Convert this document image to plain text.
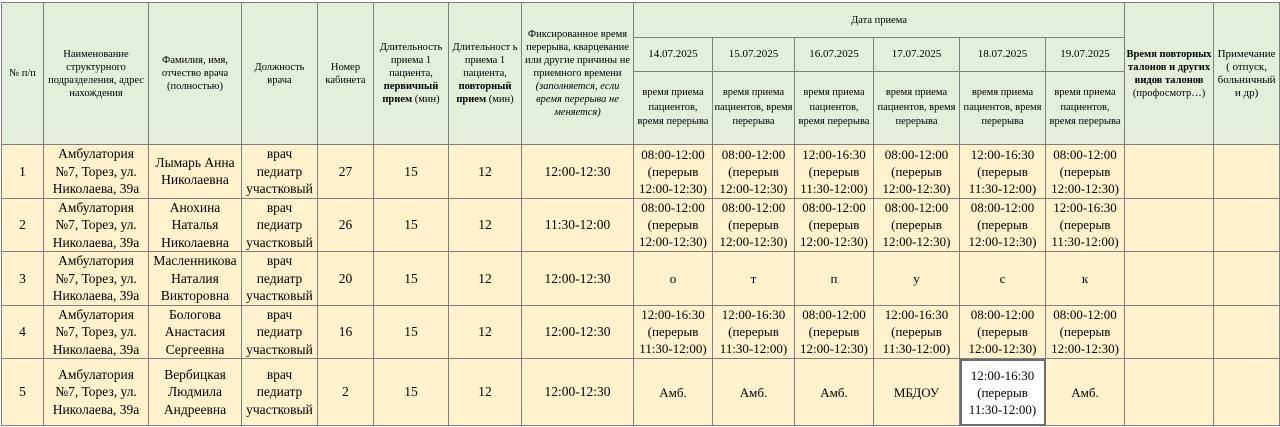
№ п/п	Наименование структурного подразделения, адрес нахождения	Фамилия, имя, отчество врача (полностью)	Должность врача	Номер кабинета	Длительность приема 1 пациента, первичный прием (мин)	Длительност ь приема 1 пациента, повторный прием (мин)	Фиксированное время перерыва, кварцевание или другие причины не приемного времени (заполняется, если время перерыва не меняется)	Дата приема						Время повторных талонов и других видов талонов (профосмотр…)	Примечание ( отпуск, больничный и др)
								14.07.2025	15.07.2025	16.07.2025	17.07.2025	18.07.2025	19.07.2025		
								время приема пациентов, время перерыва	время приема пациентов, время перерыва	время приема пациентов, время перерыва	время приема пациентов, время перерыва	время приема пациентов, время перерыва	время приема пациентов, время перерыва		
1	Амбулатория №7, Торез, ул. Николаева, 39а	Лымарь Анна Николаевна	врач педиатр участковый	27	15	12	12:00-12:30	08:00-12:00
(перерыв
12:00-12:30)	08:00-12:00
(перерыв
12:00-12:30)	12:00-16:30
(перерыв
11:30-12:00)	08:00-12:00
(перерыв
12:00-12:30)	12:00-16:30
(перерыв
11:30-12:00)	08:00-12:00
(перерыв
12:00-12:30)		
2	Амбулатория №7, Торез, ул. Николаева, 39а	Анохина Наталья Николаевна	врач педиатр участковый	26	15	12	11:30-12:00	08:00-12:00
(перерыв
12:00-12:30)	08:00-12:00
(перерыв
12:00-12:30)	08:00-12:00
(перерыв
12:00-12:30)	08:00-12:00
(перерыв
12:00-12:30)	08:00-12:00
(перерыв
12:00-12:30)	12:00-16:30
(перерыв
11:30-12:00)		
3	Амбулатория №7, Торез, ул. Николаева, 39а	Масленникова Наталия Викторовна	врач педиатр участковый	20	15	12	12:00-12:30	о	т	п	у	с	к		
4	Амбулатория №7, Торез, ул. Николаева, 39а	Бологова Анастасия Сергеевна	врач педиатр участковый	16	15	12	12:00-12:30	12:00-16:30
(перерыв
11:30-12:00)	12:00-16:30
(перерыв
11:30-12:00)	08:00-12:00
(перерыв
12:00-12:30)	12:00-16:30
(перерыв
11:30-12:00)	08:00-12:00
(перерыв
12:00-12:30)	08:00-12:00
(перерыв
12:00-12:30)		
5	Амбулатория №7, Торез, ул. Николаева, 39а	Вербицкая Людмила Андреевна	врач педиатр участковый	2	15	12	12:00-12:30	Амб.	Амб.	Амб.	МБДОУ	12:00-16:30
(перерыв
11:30-12:00)	Амб.		
